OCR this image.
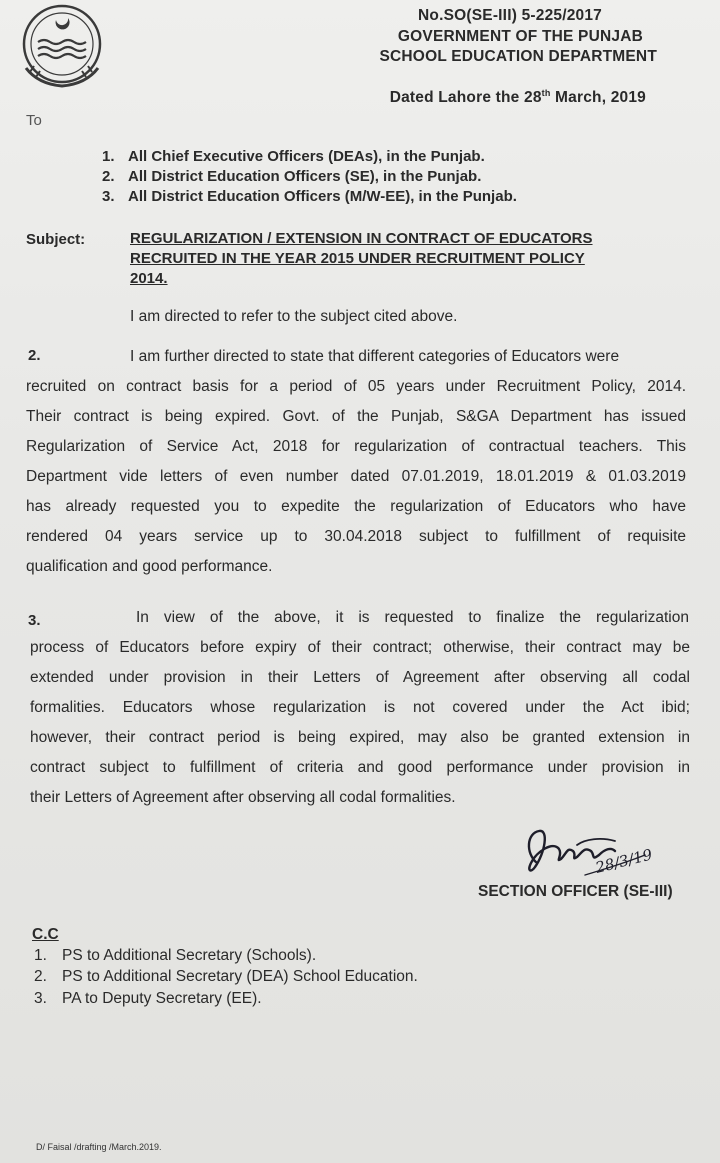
No.SO(SE-III) 5-225/2017
GOVERNMENT OF THE PUNJAB
SCHOOL EDUCATION DEPARTMENT
Dated Lahore the 28th March, 2019
To
1. All Chief Executive Officers (DEAs), in the Punjab.
2. All District Education Officers (SE), in the Punjab.
3. All District Education Officers (M/W-EE), in the Punjab.
Subject:	REGULARIZATION / EXTENSION IN CONTRACT OF EDUCATORS
RECRUITED IN THE YEAR 2015 UNDER RECRUITMENT POLICY
2014.
I am directed to refer to the subject cited above.
2.	I am further directed to state that different categories of Educators were
recruited on contract basis for a period of 05 years under Recruitment Policy, 2014.
Their contract is being expired. Govt. of the Punjab, S&GA Department has issued
Regularization of Service Act, 2018 for regularization of contractual teachers. This
Department vide letters of even number dated 07.01.2019, 18.01.2019 & 01.03.2019
has already requested you to expedite the regularization of Educators who have
rendered 04 years service up to 30.04.2018 subject to fulfillment of requisite
qualification and good performance.
3.	In view of the above, it is requested to finalize the regularization
process of Educators before expiry of their contract; otherwise, their contract may be
extended under provision in their Letters of Agreement after observing all codal
formalities. Educators whose regularization is not covered under the Act ibid;
however, their contract period is being expired, may also be granted extension in
contract subject to fulfillment of criteria and good performance under provision in
their Letters of Agreement after observing all codal formalities.
28/3/19
SECTION OFFICER (SE-III)
C.C
1. PS to Additional Secretary (Schools).
2. PS to Additional Secretary (DEA) School Education.
3. PA to Deputy Secretary (EE).
D/ Faisal /drafting /March.2019.
